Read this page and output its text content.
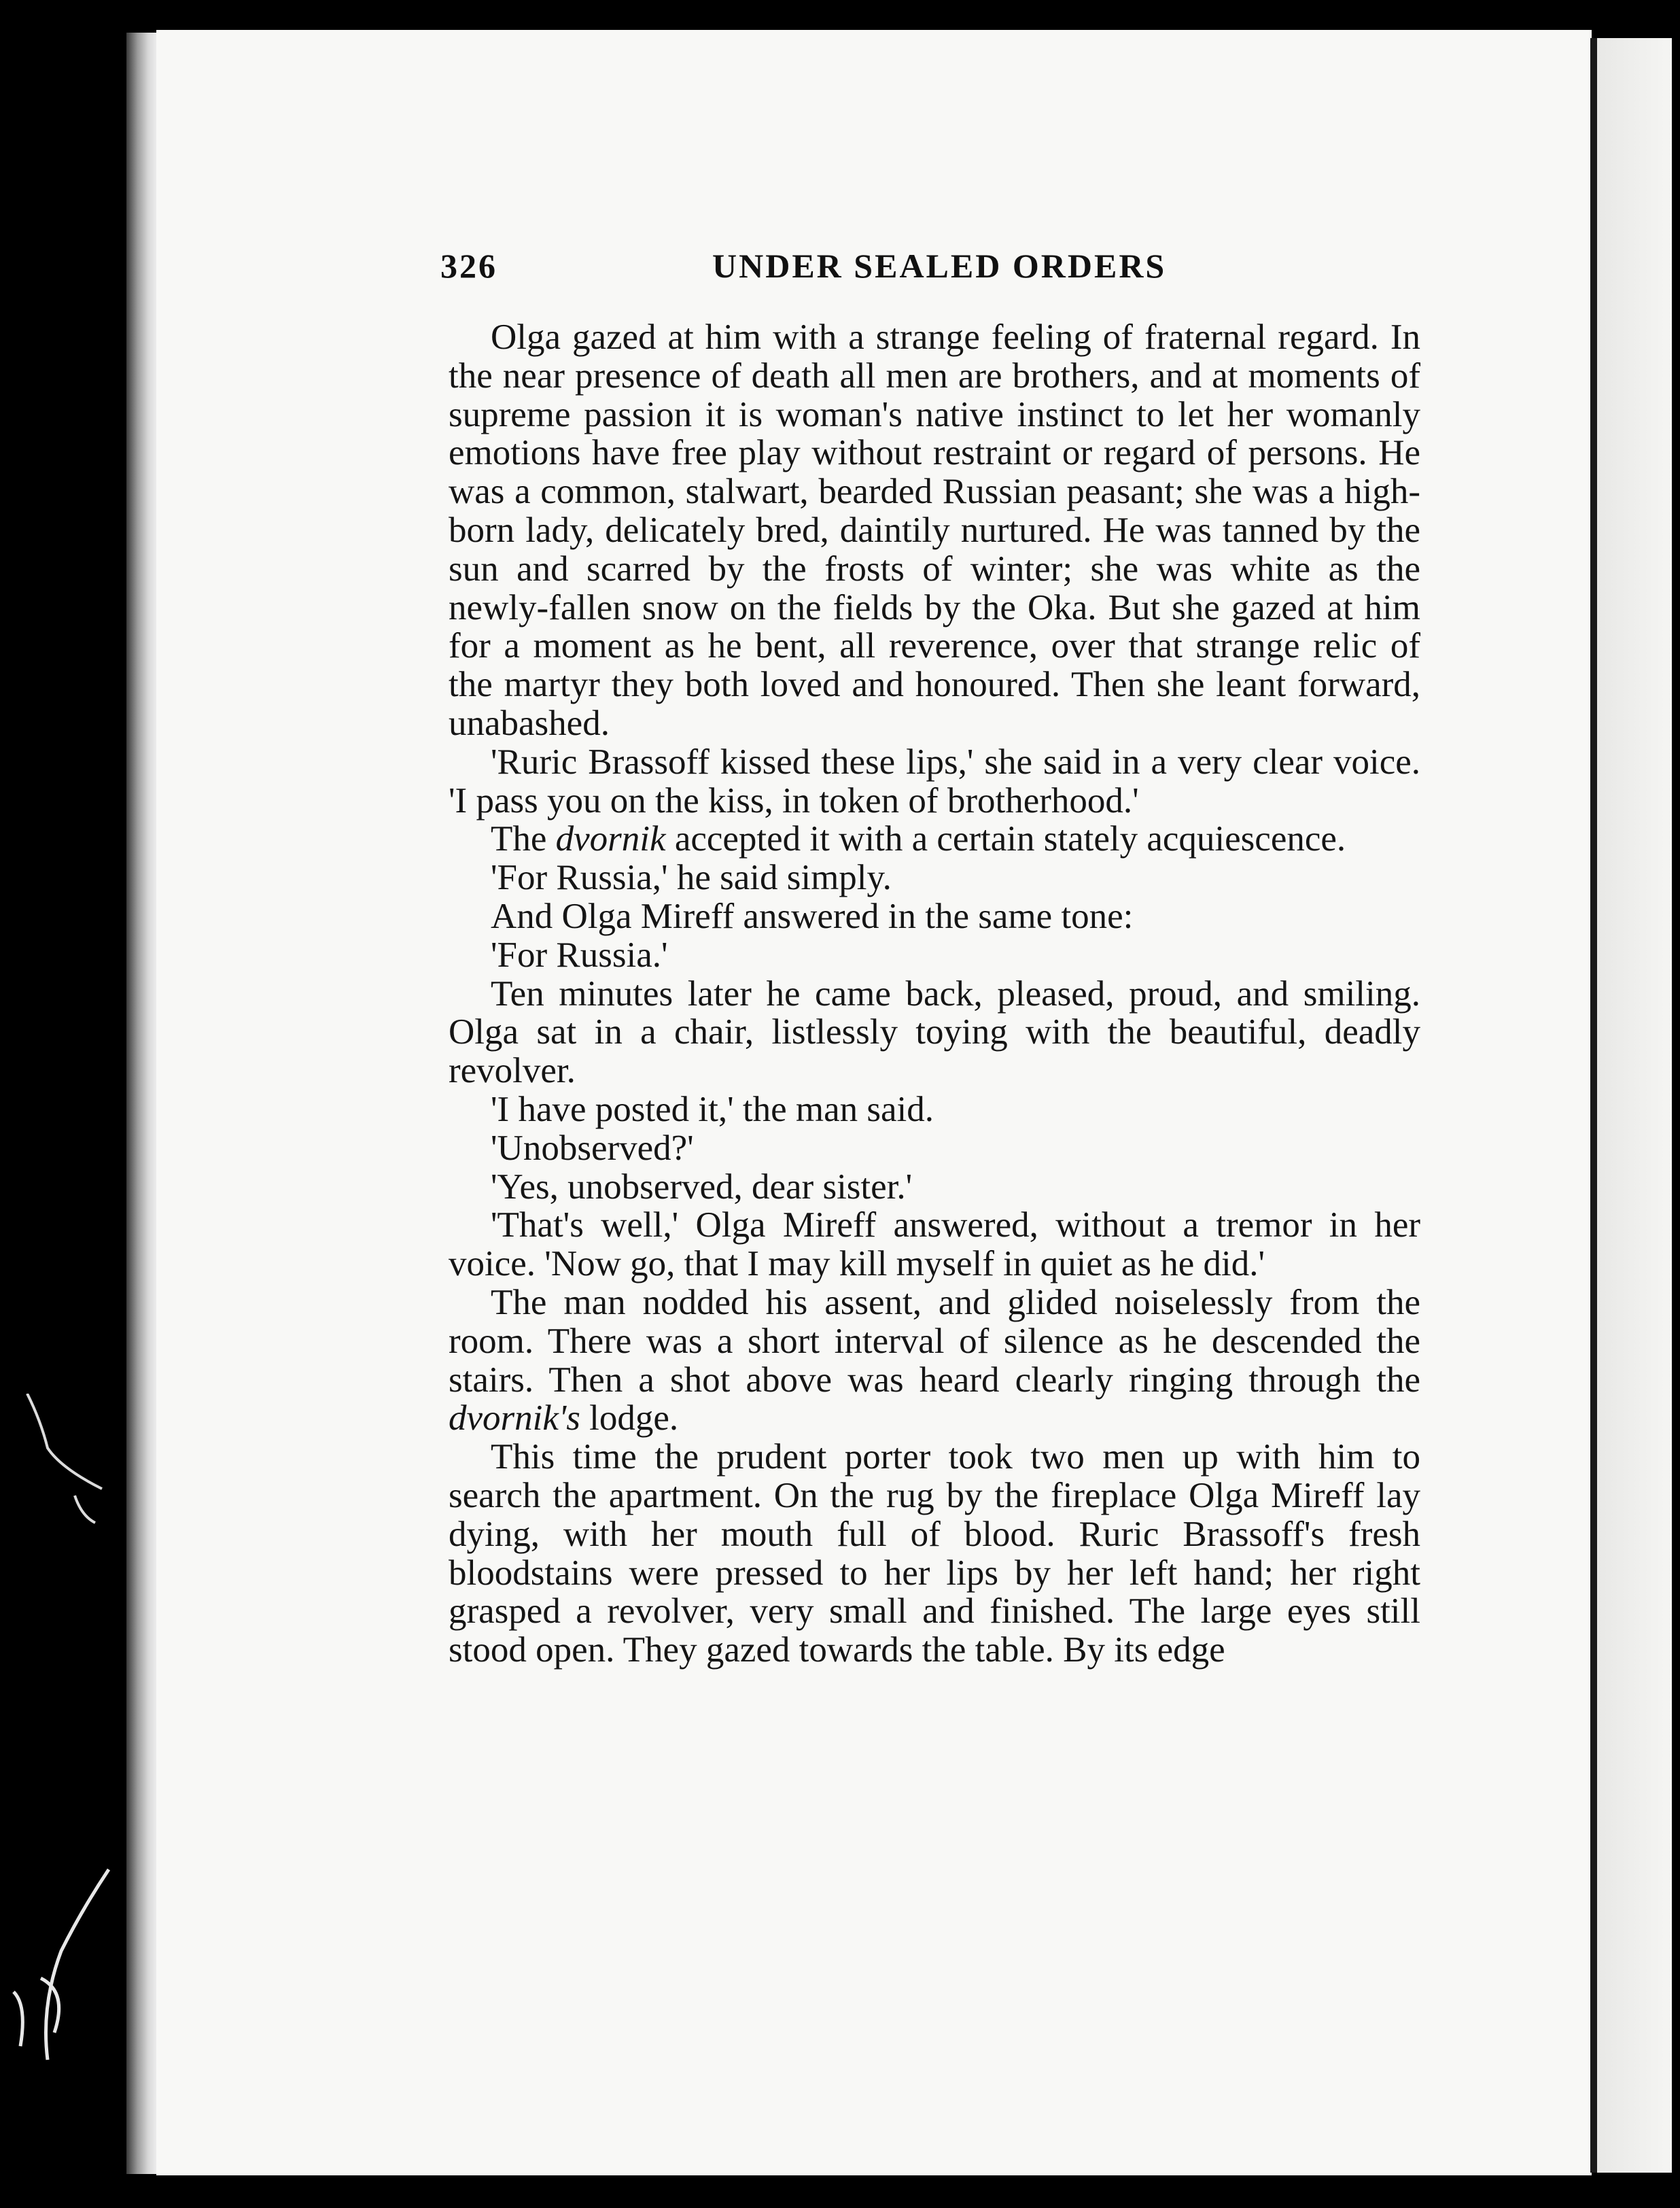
326	UNDER SEALED ORDERS

Olga gazed at him with a strange feeling of fraternal regard. In the near presence of death all men are brothers, and at moments of supreme passion it is woman's native instinct to let her womanly emotions have free play without restraint or regard of persons. He was a common, stalwart, bearded Russian peasant; she was a high-born lady, delicately bred, daintily nurtured. He was tanned by the sun and scarred by the frosts of winter; she was white as the newly-fallen snow on the fields by the Oka. But she gazed at him for a moment as he bent, all reverence, over that strange relic of the martyr they both loved and honoured. Then she leant forward, unabashed.

'Ruric Brassoff kissed these lips,' she said in a very clear voice. 'I pass you on the kiss, in token of brotherhood.'

The dvornik accepted it with a certain stately acquiescence.

'For Russia,' he said simply.

And Olga Mireff answered in the same tone:

'For Russia.'

Ten minutes later he came back, pleased, proud, and smiling. Olga sat in a chair, listlessly toying with the beautiful, deadly revolver.

'I have posted it,' the man said.

'Unobserved?'

'Yes, unobserved, dear sister.'

'That's well,' Olga Mireff answered, without a tremor in her voice. 'Now go, that I may kill myself in quiet as he did.'

The man nodded his assent, and glided noiselessly from the room. There was a short interval of silence as he descended the stairs. Then a shot above was heard clearly ringing through the dvornik's lodge.

This time the prudent porter took two men up with him to search the apartment. On the rug by the fireplace Olga Mireff lay dying, with her mouth full of blood. Ruric Brassoff's fresh bloodstains were pressed to her lips by her left hand; her right grasped a revolver, very small and finished. The large eyes still stood open. They gazed towards the table. By its edge
